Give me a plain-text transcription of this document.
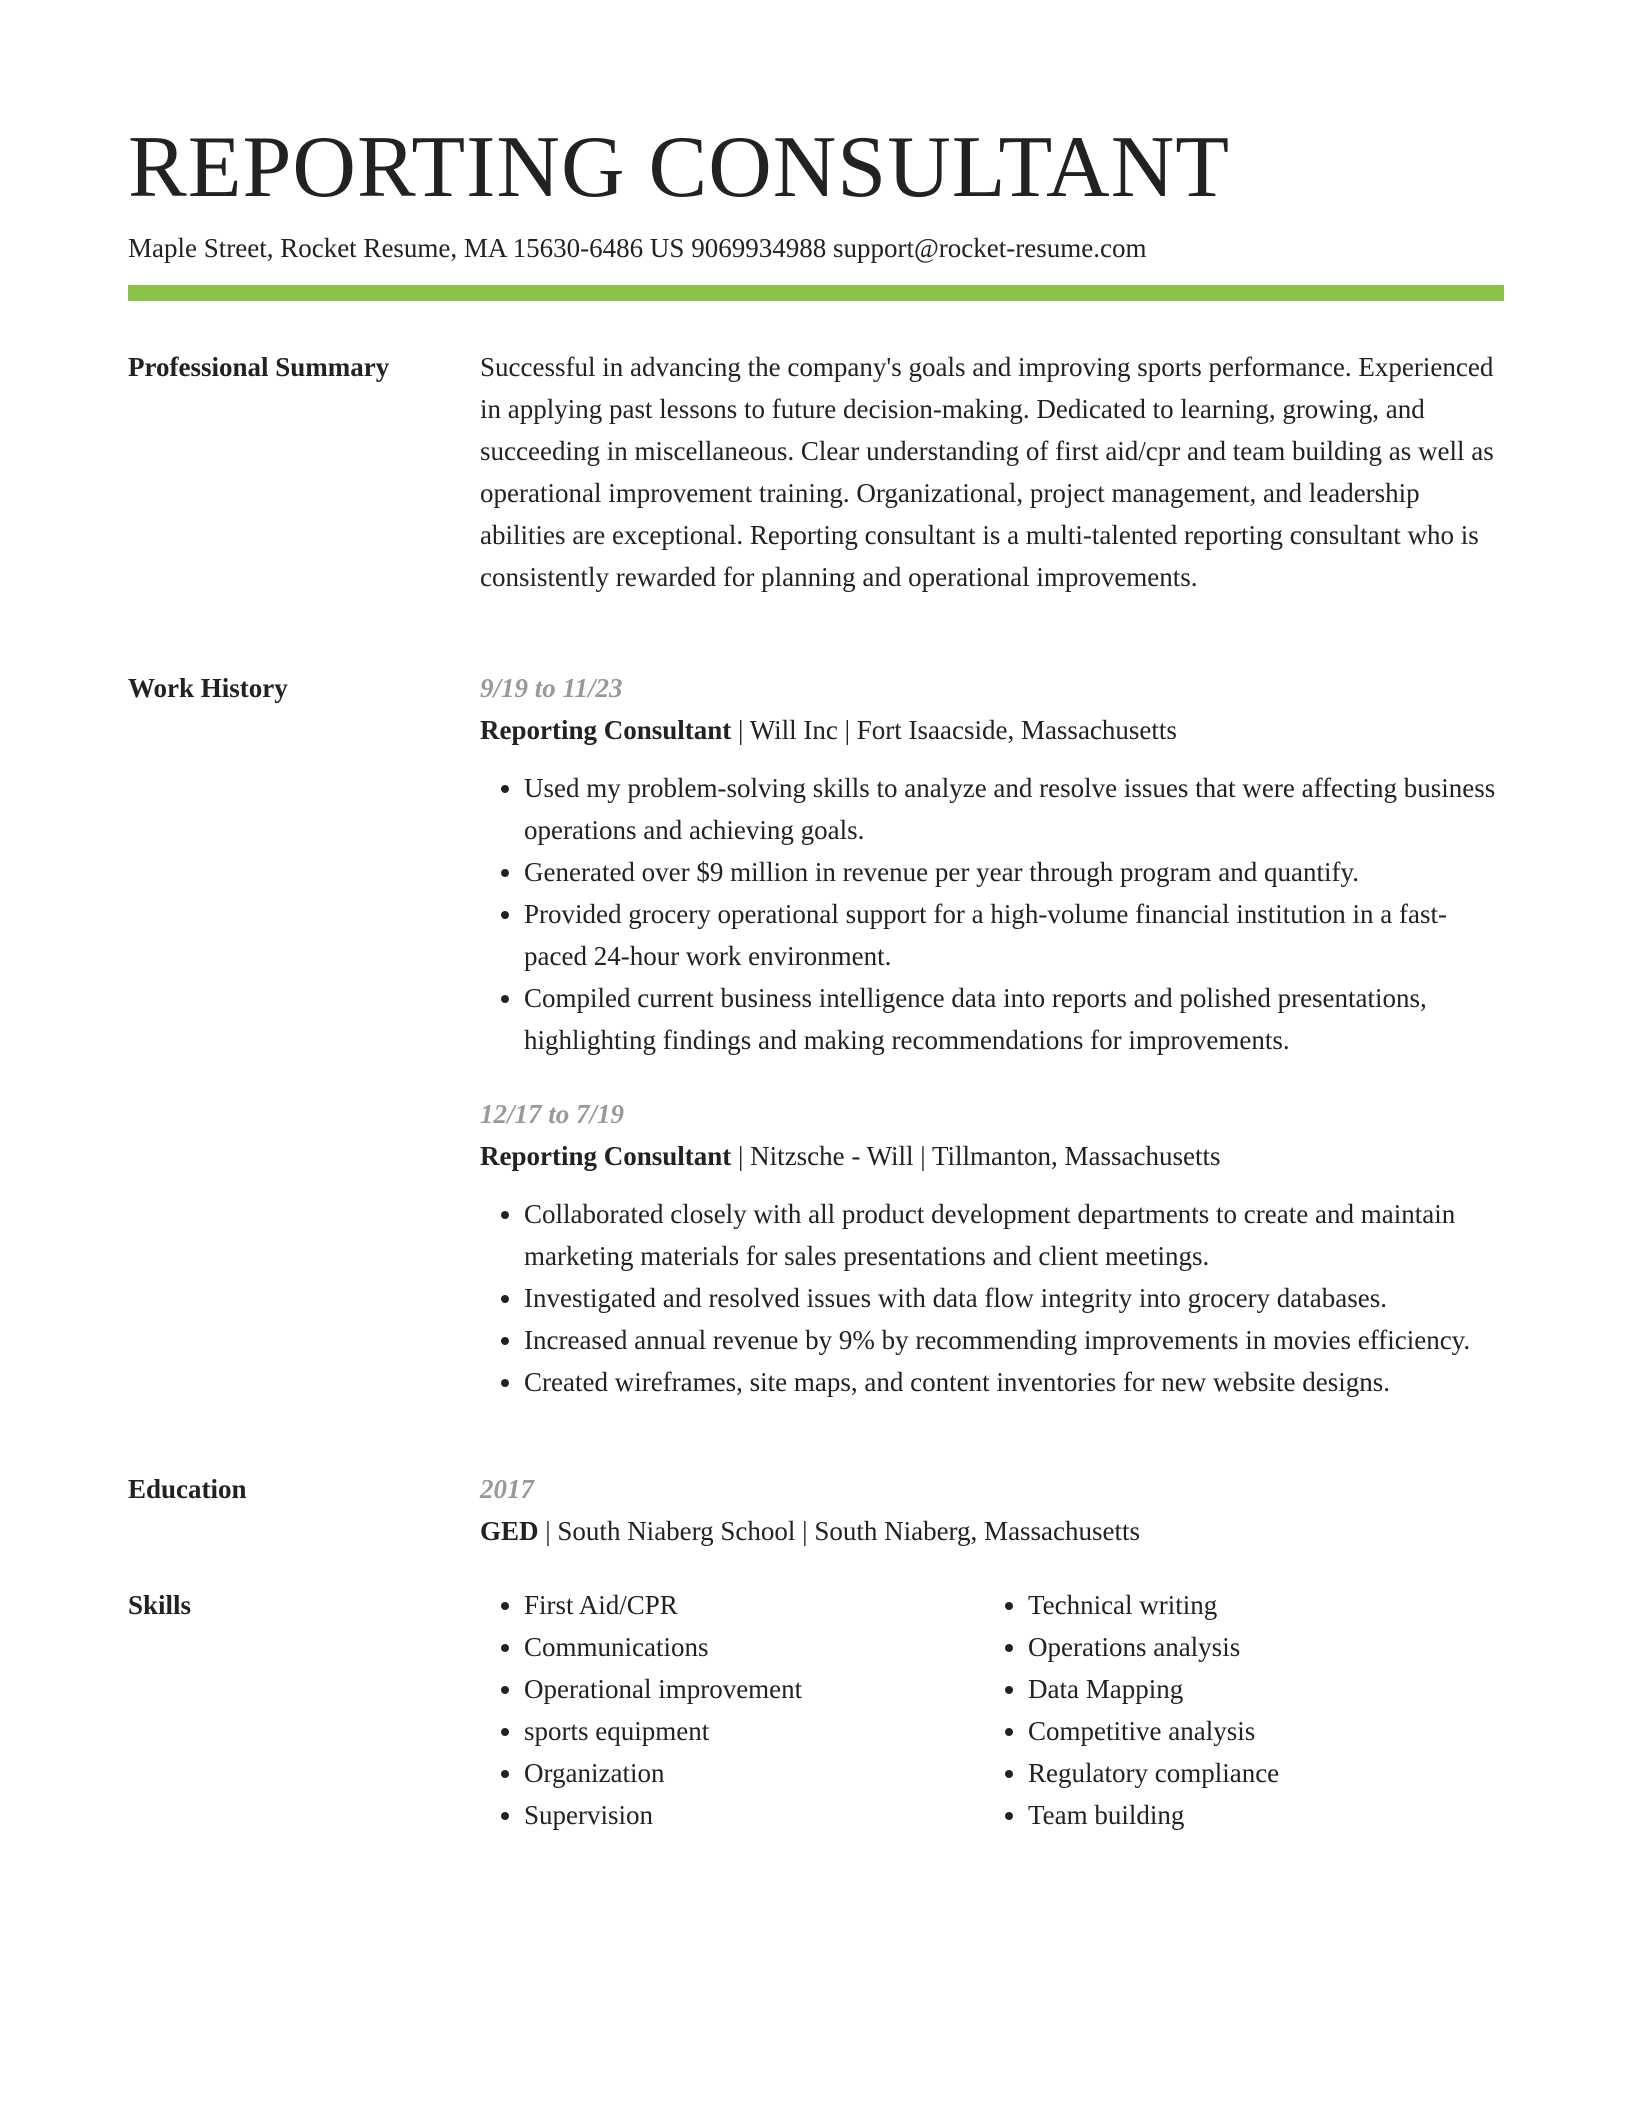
REPORTING CONSULTANT
Maple Street, Rocket Resume, MA 15630-6486 US 9069934988 support@rocket-resume.com
Professional Summary	Successful in advancing the company's goals and improving sports performance. Experienced in applying past lessons to future decision-making. Dedicated to learning, growing, and succeeding in miscellaneous. Clear understanding of first aid/cpr and team building as well as operational improvement training. Organizational, project management, and leadership abilities are exceptional. Reporting consultant is a multi-talented reporting consultant who is consistently rewarded for planning and operational improvements.

Work History	9/19 to 11/23
Reporting Consultant | Will Inc | Fort Isaacside, Massachusetts
• Used my problem-solving skills to analyze and resolve issues that were affecting business operations and achieving goals.
• Generated over $9 million in revenue per year through program and quantify.
• Provided grocery operational support for a high-volume financial institution in a fast-paced 24-hour work environment.
• Compiled current business intelligence data into reports and polished presentations, highlighting findings and making recommendations for improvements.
12/17 to 7/19
Reporting Consultant | Nitzsche - Will | Tillmanton, Massachusetts
• Collaborated closely with all product development departments to create and maintain marketing materials for sales presentations and client meetings.
• Investigated and resolved issues with data flow integrity into grocery databases.
• Increased annual revenue by 9% by recommending improvements in movies efficiency.
• Created wireframes, site maps, and content inventories for new website designs.
Education	2017
GED | South Niaberg School | South Niaberg, Massachusetts
Skills
•	First Aid/CPR
• Communications
• Operational improvement
• sports equipment
• Organization
• Supervision
• Technical writing
• Operations analysis
• Data Mapping
• Competitive analysis
• Regulatory compliance
• Team building
